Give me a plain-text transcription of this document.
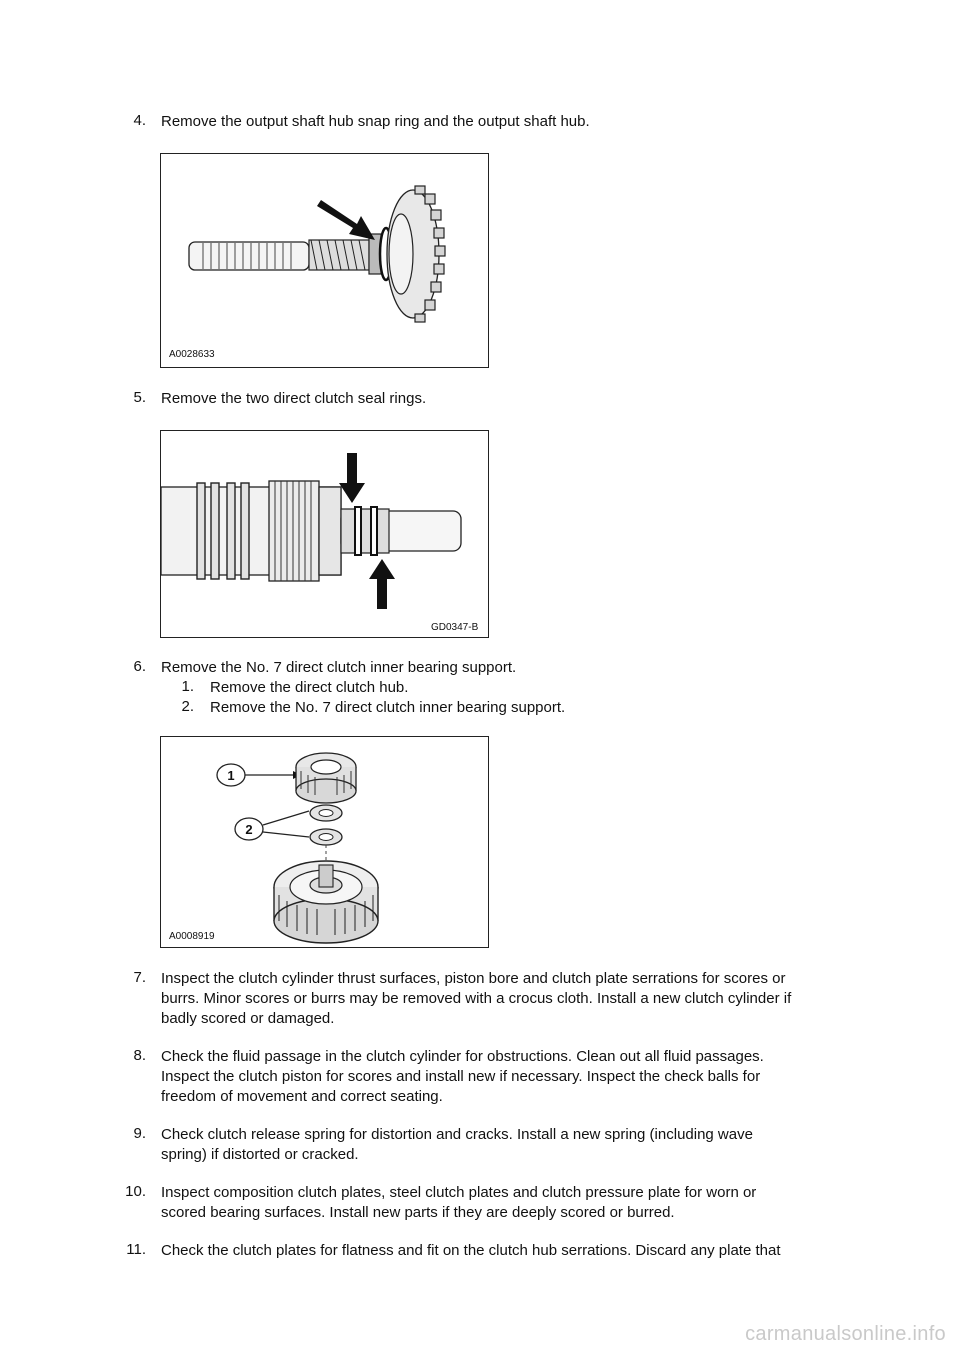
4. Remove the output shaft hub snap ring and the output shaft hub.
A0028633
5. Remove the two direct clutch seal rings.
GD0347-B
6. Remove the No. 7 direct clutch inner bearing support.
1. Remove the direct clutch hub.
2. Remove the No. 7 direct clutch inner bearing support.
1
2
A0008919
7. Inspect the clutch cylinder thrust surfaces, piston bore and clutch plate serrations for scores or
burrs. Minor scores or burrs may be removed with a crocus cloth. Install a new clutch cylinder if
badly scored or damaged.
8. Check the fluid passage in the clutch cylinder for obstructions. Clean out all fluid passages.
Inspect the clutch piston for scores and install new if necessary. Inspect the check balls for
freedom of movement and correct seating.
9. Check clutch release spring for distortion and cracks. Install a new spring (including wave
spring) if distorted or cracked.
10. Inspect composition clutch plates, steel clutch plates and clutch pressure plate for worn or
scored bearing surfaces. Install new parts if they are deeply scored or burred.
11. Check the clutch plates for flatness and fit on the clutch hub serrations. Discard any plate that
carmanualsonline.info
